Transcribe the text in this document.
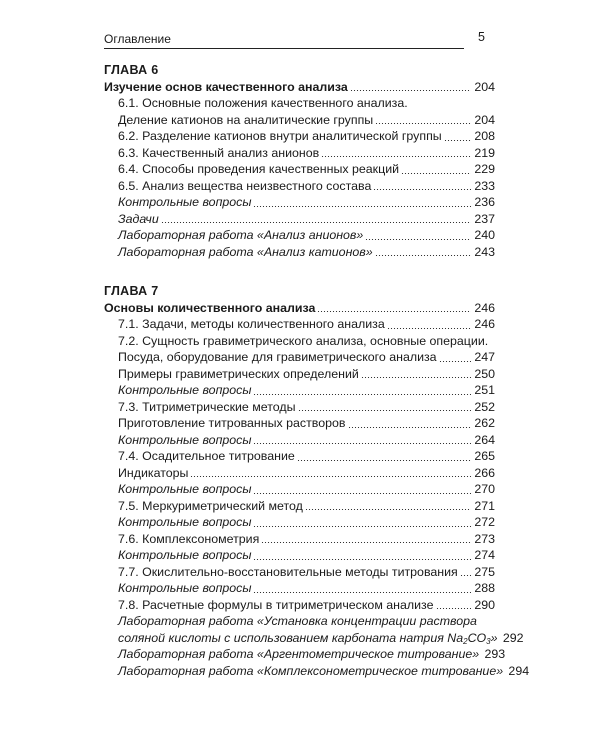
Оглавление	5
ГЛАВА 6
Изучение основ качественного анализа	204
6.1. Основные положения качественного анализа.
Деление катионов на аналитические группы	204
6.2. Разделение катионов внутри аналитической группы	208
6.3. Качественный анализ анионов	219
6.4. Способы проведения качественных реакций	229
6.5. Анализ вещества неизвестного состава	233
Контрольные вопросы	236
Задачи	237
Лабораторная работа «Анализ анионов»	240
Лабораторная работа «Анализ катионов»	243
ГЛАВА 7
Основы количественного анализа	246
7.1. Задачи, методы количественного анализа	246
7.2. Сущность гравиметрического анализа, основные операции.
Посуда, оборудование для гравиметрического анализа	247
Примеры гравиметрических определений	250
Контрольные вопросы	251
7.3. Титриметрические методы	252
Приготовление титрованных растворов	262
Контрольные вопросы	264
7.4. Осадительное титрование	265
Индикаторы	266
Контрольные вопросы	270
7.5. Меркуриметрический метод	271
Контрольные вопросы	272
7.6. Комплексонометрия	273
Контрольные вопросы	274
7.7. Окислительно-восстановительные методы титрования 275
Контрольные вопросы	288
7.8. Расчетные формулы в титриметрическом анализе	290
Лабораторная работа «Установка концентрации раствора
соляной кислоты с использованием карбоната натрия $Na_2CO_3$» 292
Лабораторная работа «Аргентометрическое титрование» 293
Лабораторная работа «Комплексонометрическое титрование» 294
